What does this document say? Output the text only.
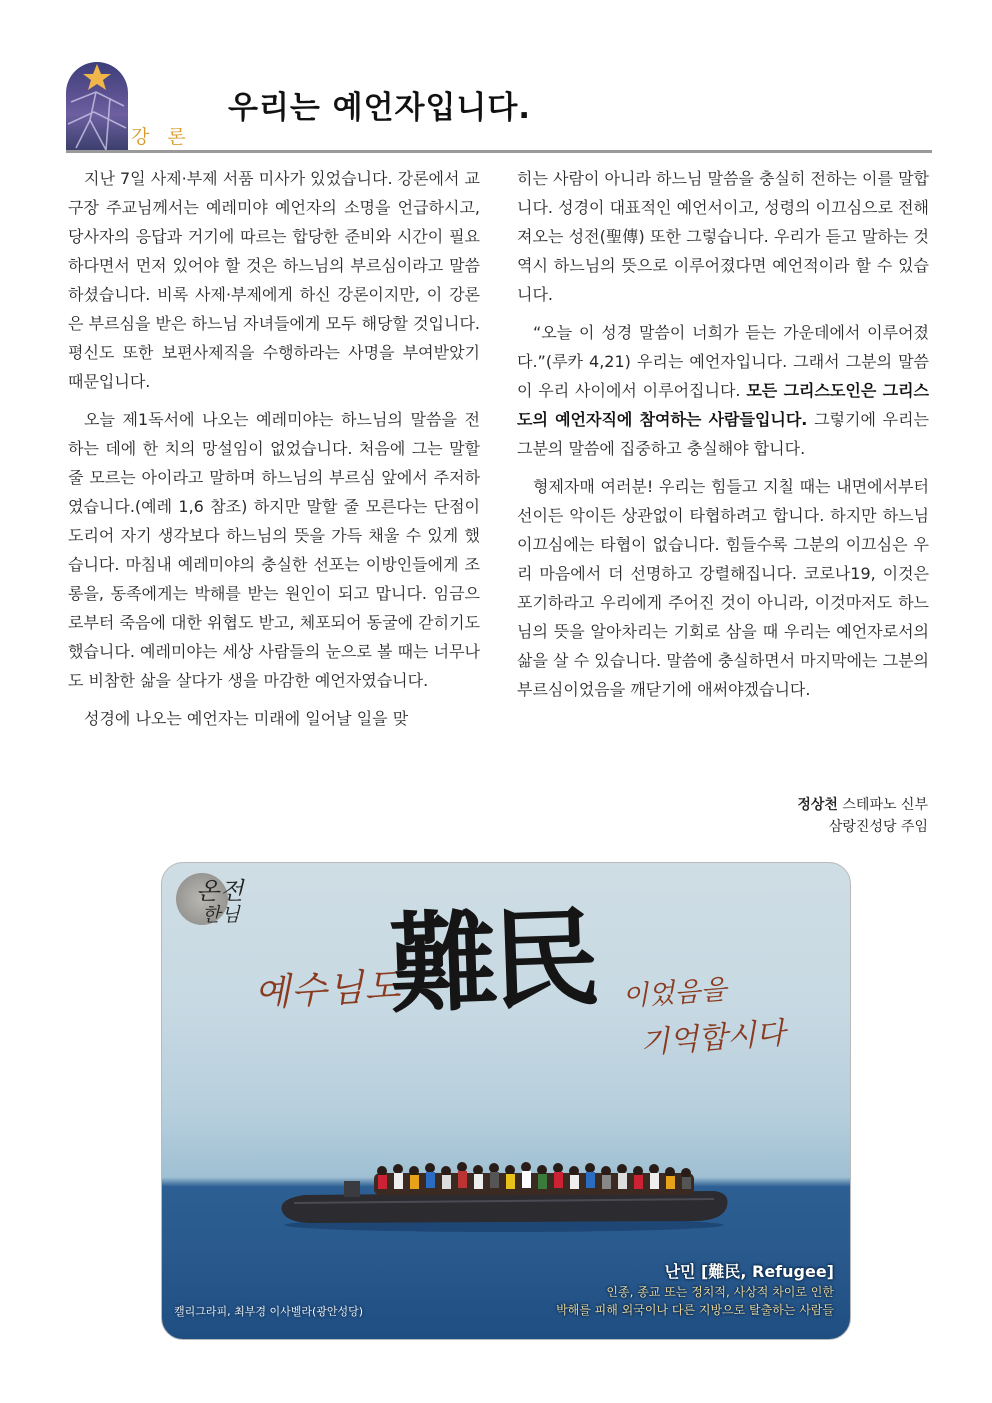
강 론
우리는 예언자입니다.

지난 7일 사제·부제 서품 미사가 있었습니다. 강론에서 교구장 주교님께서는 예레미야 예언자의 소명을 언급하시고, 당사자의 응답과 거기에 따르는 합당한 준비와 시간이 필요하다면서 먼저 있어야 할 것은 하느님의 부르심이라고 말씀하셨습니다. 비록 사제·부제에게 하신 강론이지만, 이 강론은 부르심을 받은 하느님 자녀들에게 모두 해당할 것입니다. 평신도 또한 보편사제직을 수행하라는 사명을 부여받았기 때문입니다.

오늘 제1독서에 나오는 예레미야는 하느님의 말씀을 전하는 데에 한 치의 망설임이 없었습니다. 처음에 그는 말할 줄 모르는 아이라고 말하며 하느님의 부르심 앞에서 주저하였습니다.(예레 1,6 참조) 하지만 말할 줄 모른다는 단점이 도리어 자기 생각보다 하느님의 뜻을 가득 채울 수 있게 했습니다. 마침내 예레미야의 충실한 선포는 이방인들에게 조롱을, 동족에게는 박해를 받는 원인이 되고 맙니다. 임금으로부터 죽음에 대한 위협도 받고, 체포되어 동굴에 갇히기도 했습니다. 예레미야는 세상 사람들의 눈으로 볼 때는 너무나도 비참한 삶을 살다가 생을 마감한 예언자였습니다.

성경에 나오는 예언자는 미래에 일어날 일을 맞

히는 사람이 아니라 하느님 말씀을 충실히 전하는 이를 말합니다. 성경이 대표적인 예언서이고, 성령의 이끄심으로 전해져오는 성전(聖傳) 또한 그렇습니다. 우리가 듣고 말하는 것 역시 하느님의 뜻으로 이루어졌다면 예언적이라 할 수 있습니다.

“오늘 이 성경 말씀이 너희가 듣는 가운데에서 이루어졌다.”(루카 4,21) 우리는 예언자입니다. 그래서 그분의 말씀이 우리 사이에서 이루어집니다. 모든 그리스도인은 그리스도의 예언자직에 참여하는 사람들입니다. 그렇기에 우리는 그분의 말씀에 집중하고 충실해야 합니다.

형제자매 여러분! 우리는 힘들고 지칠 때는 내면에서부터 선이든 악이든 상관없이 타협하려고 합니다. 하지만 하느님 이끄심에는 타협이 없습니다. 힘들수록 그분의 이끄심은 우리 마음에서 더 선명하고 강렬해집니다. 코로나19, 이것은 포기하라고 우리에게 주어진 것이 아니라, 이것마저도 하느님의 뜻을 알아차리는 기회로 삼을 때 우리는 예언자로서의 삶을 살 수 있습니다. 말씀에 충실하면서 마지막에는 그분의 부르심이었음을 깨닫기에 애써야겠습니다.

정상천 스테파노 신부
삼랑진성당 주임
온전
한님
예수님도
難民 이었음을
기억합시다
난민 [難民, Refugee]
인종, 종교 또는 정치적, 사상적 차이로 인한
박해를 피해 외국이나 다른 지방으로 탈출하는 사람들
캘리그라피, 최부경 이사벨라(광안성당)
